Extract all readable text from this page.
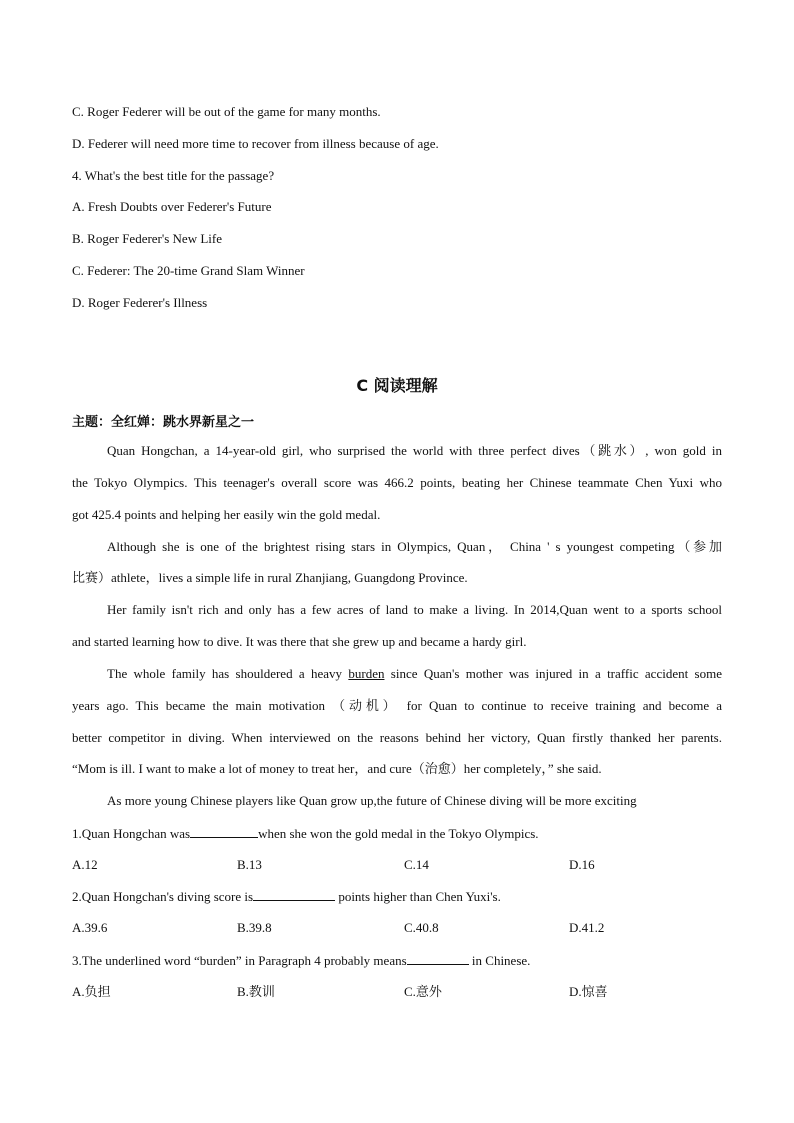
C. Roger Federer will be out of the game for many months.
D. Federer will need more time to recover from illness because of age.
4. What's the best title for the passage?
A. Fresh Doubts over Federer's Future
B. Roger Federer's New Life
C. Federer: The 20-time Grand Slam Winner
D. Roger Federer's Illness
C 阅读理解
主题：全红婵：跳水界新星之一
Quan Hongchan, a 14-year-old girl, who surprised the world with three perfect dives（跳水）, won gold in
the Tokyo Olympics. This teenager's overall score was 466.2 points, beating her Chinese teammate Chen Yuxi who
got 425.4 points and helping her easily win the gold medal.
Although she is one of the brightest rising stars in Olympics, Quan， China ' s youngest competing（参加
比赛）athlete，lives a simple life in rural Zhanjiang, Guangdong Province.
Her family isn't rich and only has a few acres of land to make a living. In 2014,Quan went to a sports school
and started learning how to dive. It was there that she grew up and became a hardy girl.
The whole family has shouldered a heavy burden since Quan's mother was injured in a traffic accident some
years ago. This became the main motivation （动机） for Quan to continue to receive training and become a
better competitor in diving. When interviewed on the reasons behind her victory, Quan firstly thanked her parents.
“Mom is ill. I want to make a lot of money to treat her，and cure（治愈）her completely，” she said.
As more young Chinese players like Quan grow up,the future of Chinese diving will be more exciting
1.Quan Hongchan was	when she won the gold medal in the Tokyo Olympics.
A.12	B.13	C.14	D.16
2.Quan Hongchan's diving score is	points higher than Chen Yuxi's.
A.39.6	B.39.8	C.40.8	D.41.2
3.The underlined word “burden” in Paragraph 4 probably means	in Chinese.
A.负担	B.教训	C.意外	D.惊喜
